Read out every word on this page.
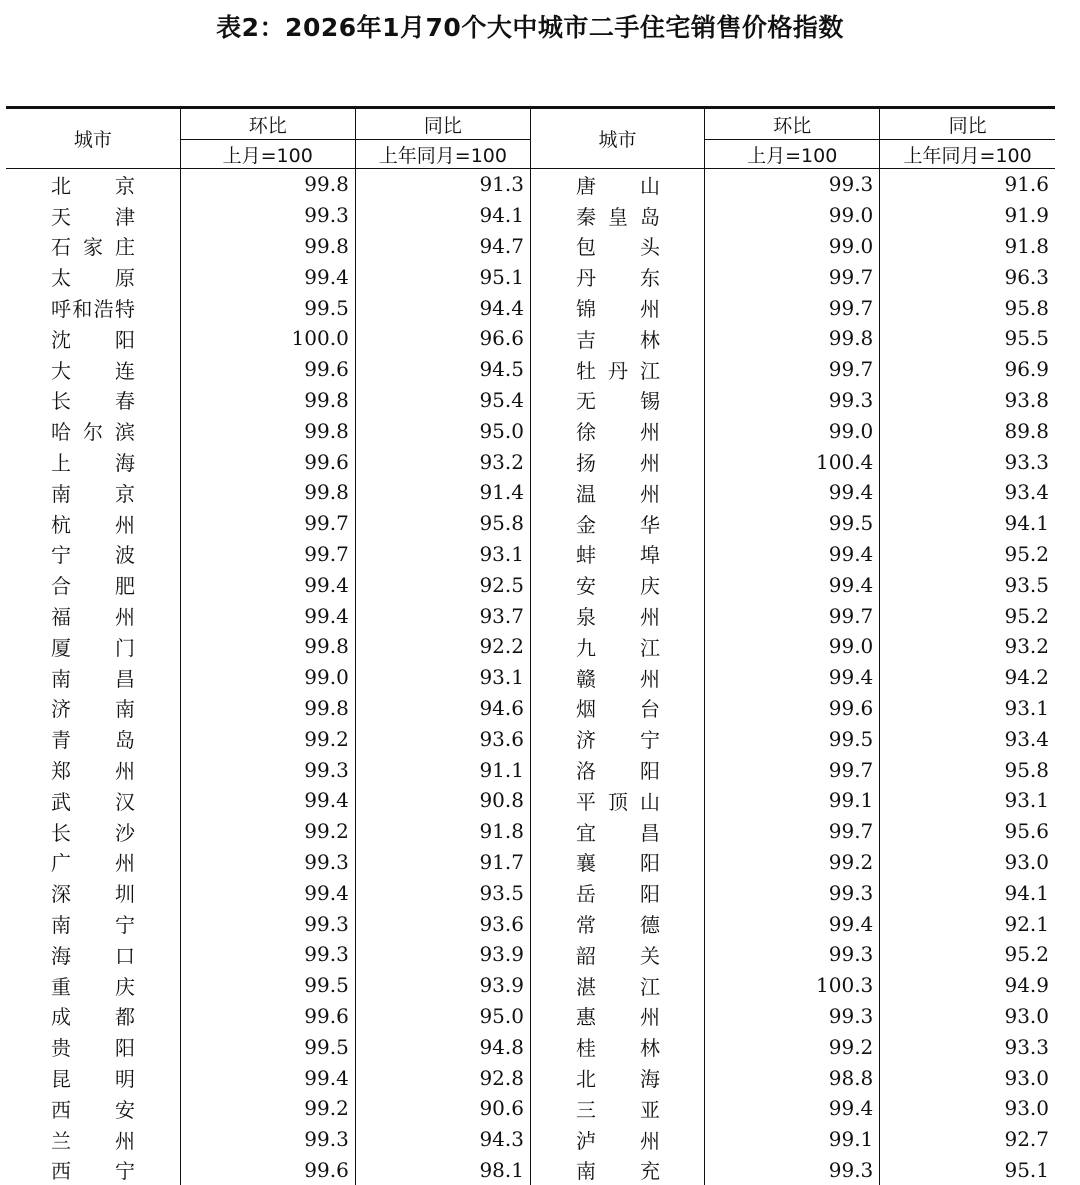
表2：2026年1月70个大中城市二手住宅销售价格指数
城市	环比	同比	城市	环比	同比
	上月=100	上年同月=100		上月=100	上年同月=100
北京	99.8	91.3	唐山	99.3	91.6
天津	99.3	94.1	秦皇岛	99.0	91.9
石家庄	99.8	94.7	包头	99.0	91.8
太原	99.4	95.1	丹东	99.7	96.3
呼和浩特	99.5	94.4	锦州	99.7	95.8
沈阳	100.0	96.6	吉林	99.8	95.5
大连	99.6	94.5	牡丹江	99.7	96.9
长春	99.8	95.4	无锡	99.3	93.8
哈尔滨	99.8	95.0	徐州	99.0	89.8
上海	99.6	93.2	扬州	100.4	93.3
南京	99.8	91.4	温州	99.4	93.4
杭州	99.7	95.8	金华	99.5	94.1
宁波	99.7	93.1	蚌埠	99.4	95.2
合肥	99.4	92.5	安庆	99.4	93.5
福州	99.4	93.7	泉州	99.7	95.2
厦门	99.8	92.2	九江	99.0	93.2
南昌	99.0	93.1	赣州	99.4	94.2
济南	99.8	94.6	烟台	99.6	93.1
青岛	99.2	93.6	济宁	99.5	93.4
郑州	99.3	91.1	洛阳	99.7	95.8
武汉	99.4	90.8	平顶山	99.1	93.1
长沙	99.2	91.8	宜昌	99.7	95.6
广州	99.3	91.7	襄阳	99.2	93.0
深圳	99.4	93.5	岳阳	99.3	94.1
南宁	99.3	93.6	常德	99.4	92.1
海口	99.3	93.9	韶关	99.3	95.2
重庆	99.5	93.9	湛江	100.3	94.9
成都	99.6	95.0	惠州	99.3	93.0
贵阳	99.5	94.8	桂林	99.2	93.3
昆明	99.4	92.8	北海	98.8	93.0
西安	99.2	90.6	三亚	99.4	93.0
兰州	99.3	94.3	泸州	99.1	92.7
西宁	99.6	98.1	南充	99.3	95.1
